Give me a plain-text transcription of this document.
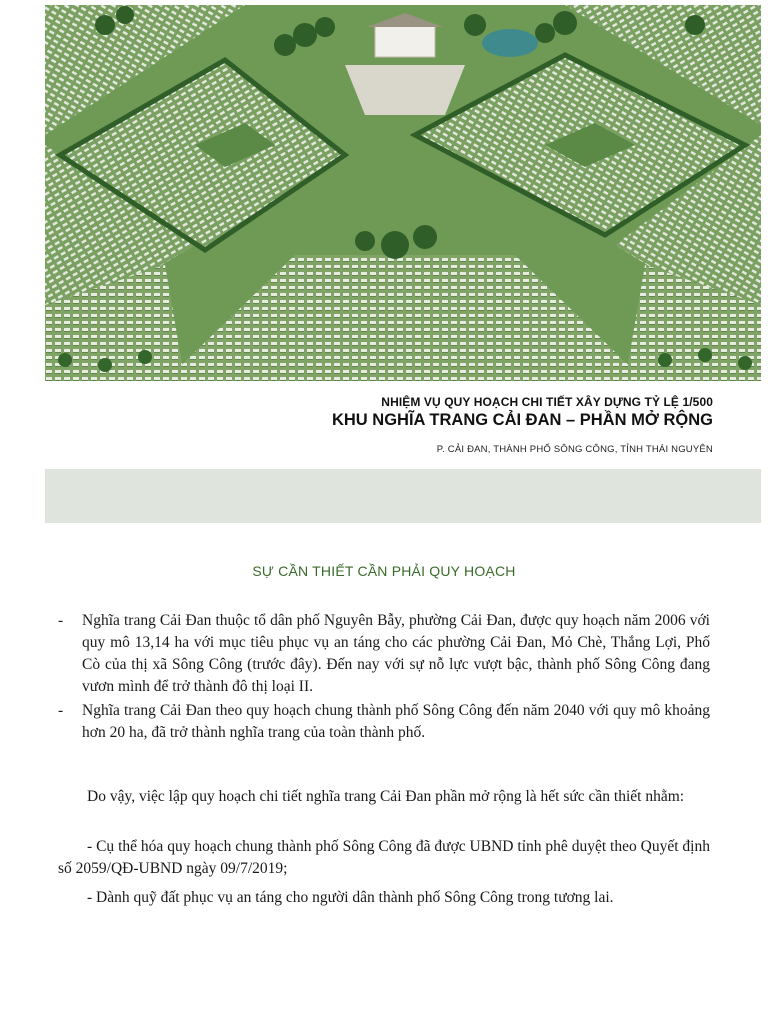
NHIỆM VỤ QUY HOẠCH CHI TIẾT XÂY DỰNG TỶ LỆ 1/500
KHU NGHĨA TRANG CẢI ĐAN – PHẦN MỞ RỘNG
P. CẢI ĐAN, THÀNH PHỐ SÔNG CÔNG, TỈNH THÁI NGUYÊN
SỰ CẦN THIẾT CẦN PHẢI QUY HOẠCH
- Nghĩa trang Cải Đan thuộc tổ dân phố Nguyên Bẫy, phường Cải Đan, được quy hoạch năm 2006 với quy mô 13,14 ha với mục tiêu phục vụ an táng cho các phường Cải Đan, Mỏ Chè, Thắng Lợi, Phố Cò của thị xã Sông Công (trước đây). Đến nay với sự nỗ lực vượt bậc, thành phố Sông Công đang vươn mình để trở thành đô thị loại II.
- Nghĩa trang Cải Đan theo quy hoạch chung thành phố Sông Công đến năm 2040 với quy mô khoảng hơn 20 ha, đã trở thành nghĩa trang của toàn thành phố.

Do vậy, việc lập quy hoạch chi tiết nghĩa trang Cải Đan phần mở rộng là hết sức cần thiết nhằm:

- Cụ thể hóa quy hoạch chung thành phố Sông Công đã được UBND tỉnh phê duyệt theo Quyết định số 2059/QĐ-UBND ngày 09/7/2019;

- Dành quỹ đất phục vụ an táng cho người dân thành phố Sông Công trong tương lai.
